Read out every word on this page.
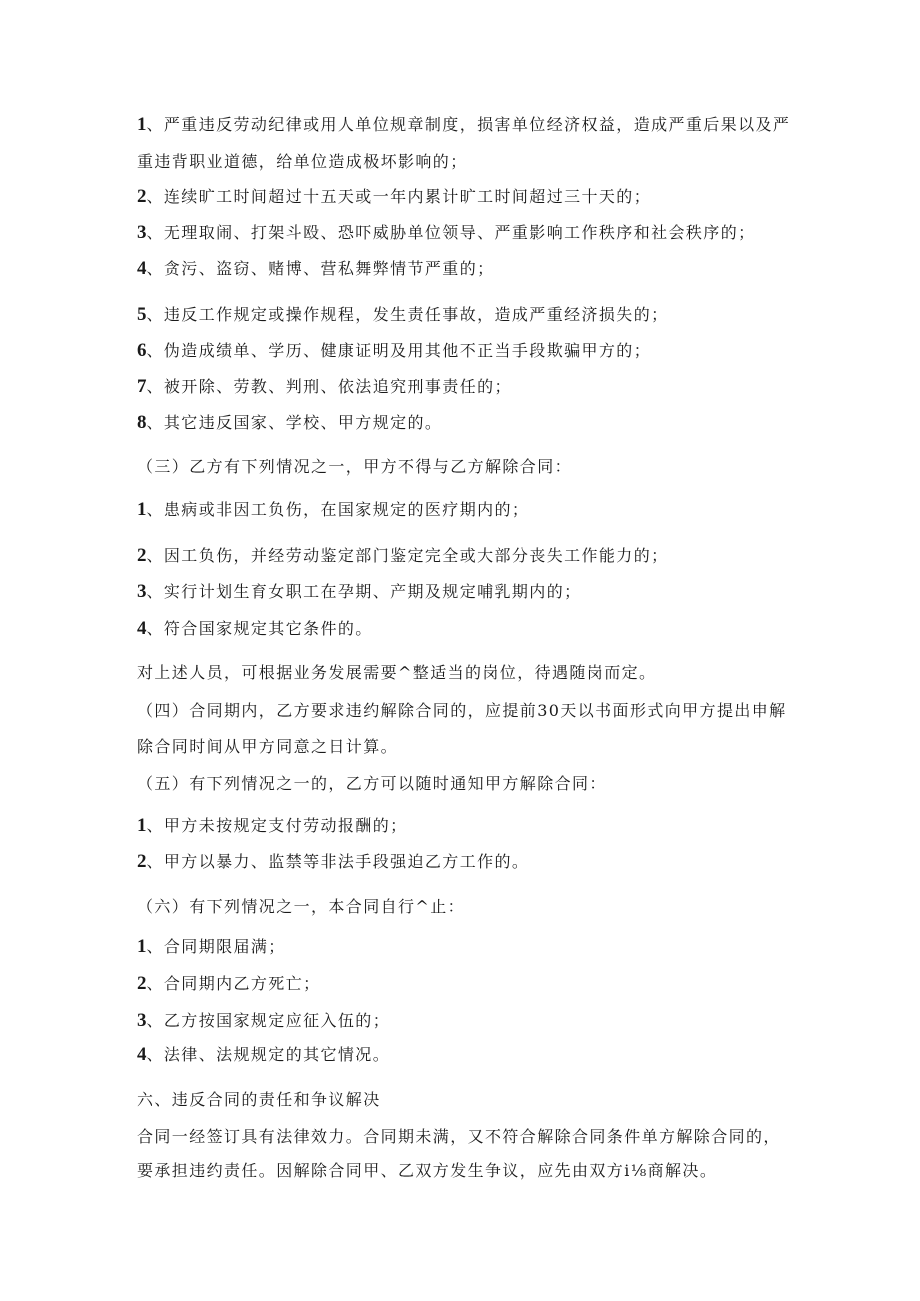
1、严重违反劳动纪律或用人单位规章制度，损害单位经济权益，造成严重后果以及严
重违背职业道德，给单位造成极坏影响的；
2、连续旷工时间超过十五天或一年内累计旷工时间超过三十天的；
3、无理取闹、打架斗殴、恐吓威胁单位领导、严重影响工作秩序和社会秩序的；
4、贪污、盗窃、赌博、营私舞弊情节严重的；
5、违反工作规定或操作规程，发生责任事故，造成严重经济损失的；
6、伪造成绩单、学历、健康证明及用其他不正当手段欺骗甲方的；
7、被开除、劳教、判刑、依法追究刑事责任的；
8、其它违反国家、学校、甲方规定的。
（三）乙方有下列情况之一，甲方不得与乙方解除合同：
1、患病或非因工负伤，在国家规定的医疗期内的；
2、因工负伤，并经劳动鉴定部门鉴定完全或大部分丧失工作能力的；
3、实行计划生育女职工在孕期、产期及规定哺乳期内的；
4、符合国家规定其它条件的。
对上述人员，可根据业务发展需要^整适当的岗位，待遇随岗而定。
（四）合同期内，乙方要求违约解除合同的，应提前30天以书面形式向甲方提出申解
除合同时间从甲方同意之日计算。
（五）有下列情况之一的，乙方可以随时通知甲方解除合同：
1、甲方未按规定支付劳动报酬的；
2、甲方以暴力、监禁等非法手段强迫乙方工作的。
（六）有下列情况之一，本合同自行^止：
1、合同期限届满；
2、合同期内乙方死亡；
3、乙方按国家规定应征入伍的；
4、法律、法规规定的其它情况。
六、违反合同的责任和争议解决
合同一经签订具有法律效力。合同期未满，又不符合解除合同条件单方解除合同的，
要承担违约责任。因解除合同甲、乙双方发生争议，应先由双方i⅛商解决。
